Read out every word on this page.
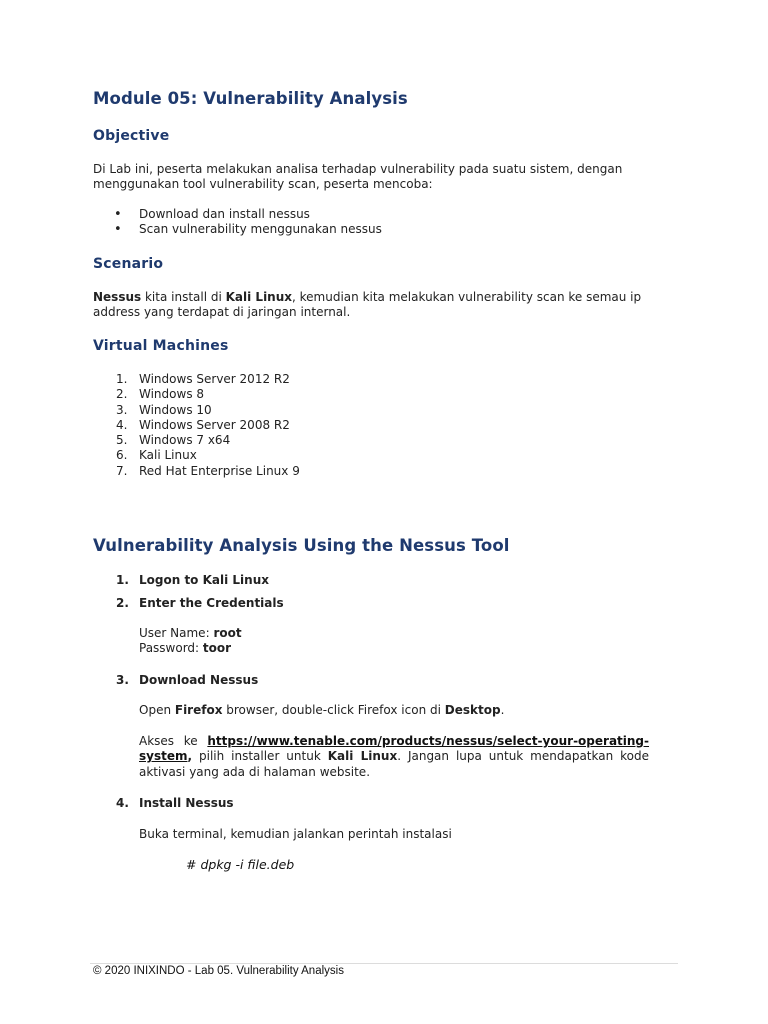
Module 05: Vulnerability Analysis
Objective

Di Lab ini, peserta melakukan analisa terhadap vulnerability pada suatu sistem, dengan menggunakan tool vulnerability scan, peserta mencoba:

• Download dan install nessus
• Scan vulnerability menggunakan nessus
Scenario

Nessus kita install di Kali Linux, kemudian kita melakukan vulnerability scan ke semau ip address yang terdapat di jaringan internal.

Virtual Machines
1. Windows Server 2012 R2
2. Windows 8
3. Windows 10
4. Windows Server 2008 R2
5. Windows 7 x64
6. Kali Linux
7. Red Hat Enterprise Linux 9
Vulnerability Analysis Using the Nessus Tool
1. Logon to Kali Linux
2. Enter the Credentials

User Name: root
Password: toor

3. Download Nessus

Open Firefox browser, double-click Firefox icon di Desktop.

Akses ke https://www.tenable.com/products/nessus/select-your-operating-system, pilih installer untuk Kali Linux. Jangan lupa untuk mendapatkan kode aktivasi yang ada di halaman website.

4. Install Nessus

Buka terminal, kemudian jalankan perintah instalasi

# dpkg -i file.deb
© 2020 INIXINDO - Lab 05. Vulnerability Analysis
